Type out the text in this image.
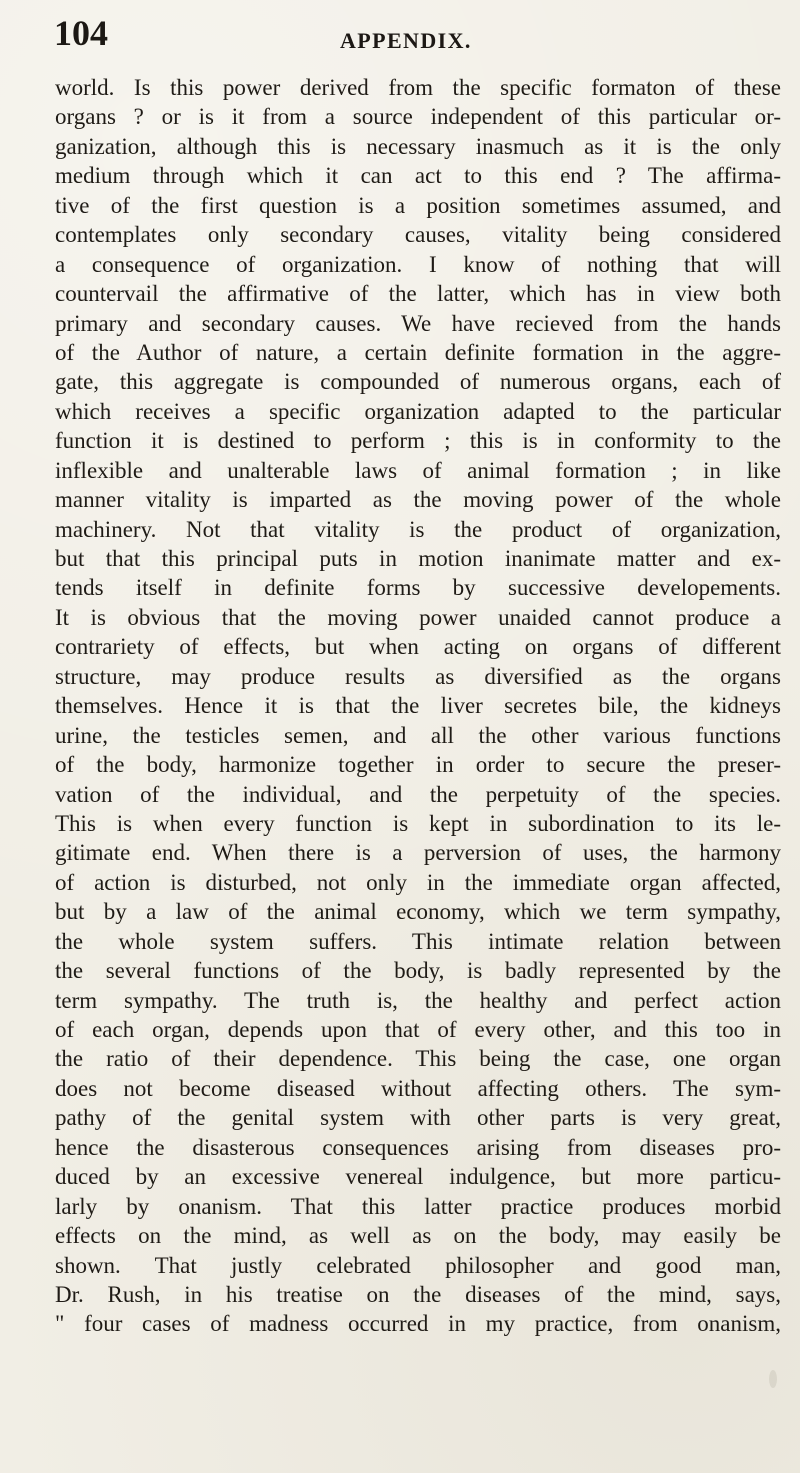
104	APPENDIX.
world. Is this power derived from the specific formaton of these
organs ? or is it from a source independent of this particular or-
ganization, although this is necessary inasmuch as it is the only
medium through which it can act to this end ? The affirma-
tive of the first question is a position sometimes assumed, and
contemplates only secondary causes, vitality being considered
a consequence of organization. I know of nothing that will
countervail the affirmative of the latter, which has in view both
primary and secondary causes. We have recieved from the hands
of the Author of nature, a certain definite formation in the aggre-
gate, this aggregate is compounded of numerous organs, each of
which receives a specific organization adapted to the particular
function it is destined to perform ; this is in conformity to the
inflexible and unalterable laws of animal formation ; in like
manner vitality is imparted as the moving power of the whole
machinery. Not that vitality is the product of organization,
but that this principal puts in motion inanimate matter and ex-
tends itself in definite forms by successive developements.
It is obvious that the moving power unaided cannot produce a
contrariety of effects, but when acting on organs of different
structure, may produce results as diversified as the organs
themselves. Hence it is that the liver secretes bile, the kidneys
urine, the testicles semen, and all the other various functions
of the body, harmonize together in order to secure the preser-
vation of the individual, and the perpetuity of the species.
This is when every function is kept in subordination to its le-
gitimate end. When there is a perversion of uses, the harmony
of action is disturbed, not only in the immediate organ affected,
but by a law of the animal economy, which we term sympathy,
the whole system suffers. This intimate relation between
the several functions of the body, is badly represented by the
term sympathy. The truth is, the healthy and perfect action
of each organ, depends upon that of every other, and this too in
the ratio of their dependence. This being the case, one organ
does not become diseased without affecting others. The sym-
pathy of the genital system with other parts is very great,
hence the disasterous consequences arising from diseases pro-
duced by an excessive venereal indulgence, but more particu-
larly by onanism. That this latter practice produces morbid
effects on the mind, as well as on the body, may easily be
shown. That justly celebrated philosopher and good man,
Dr. Rush, in his treatise on the diseases of the mind, says,
" four cases of madness occurred in my practice, from onanism,
